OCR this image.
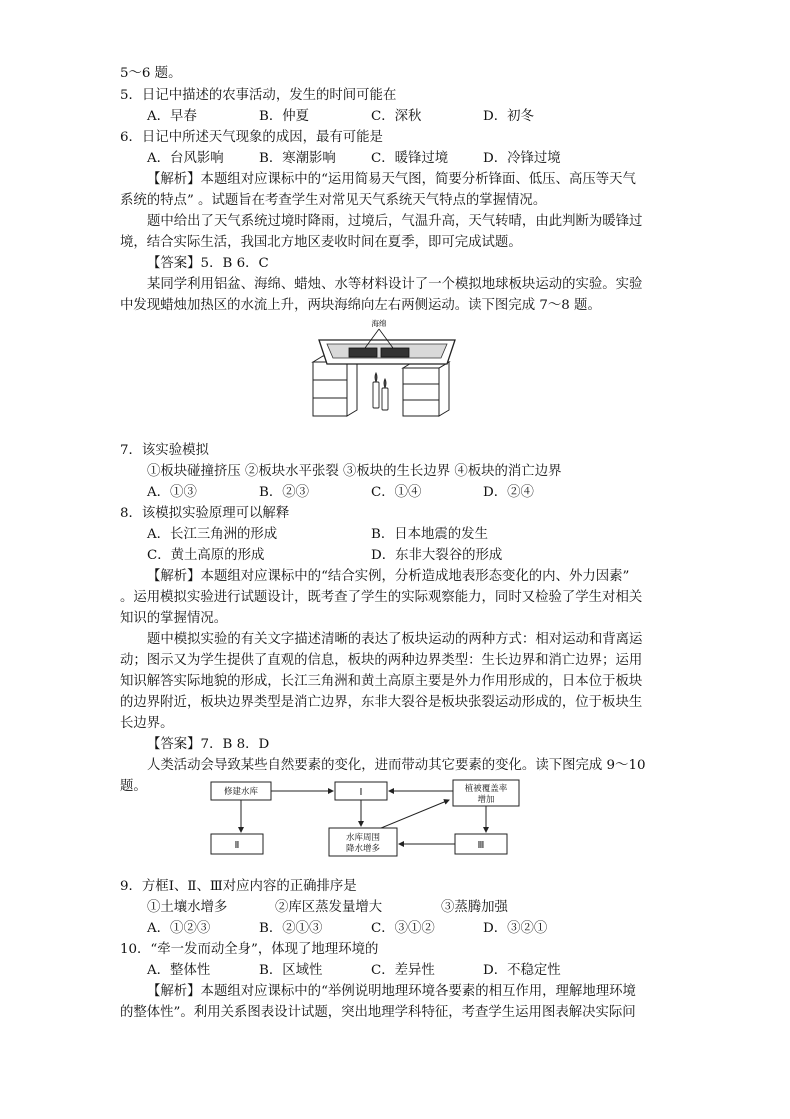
5～6 题。
5．日记中描述的农事活动，发生的时间可能在
A．早春	B．仲夏	C．深秋	D．初冬
6．日记中所述天气现象的成因，最有可能是
A．台风影响	B．寒潮影响	C．暖锋过境	D．冷锋过境
【解析】本题组对应课标中的“运用简易天气图，简要分析锋面、低压、高压等天气
系统的特点” 。试题旨在考查学生对常见天气系统天气特点的掌握情况。
题中给出了天气系统过境时降雨，过境后，气温升高，天气转晴，由此判断为暖锋过
境，结合实际生活，我国北方地区麦收时间在夏季，即可完成试题。
【答案】5．B 6．C
某同学利用铝盆、海绵、蜡烛、水等材料设计了一个模拟地球板块运动的实验。实验
中发现蜡烛加热区的水流上升，两块海绵向左右两侧运动。读下图完成 7～8 题。
海绵
7．该实验模拟
①板块碰撞挤压 ②板块水平张裂 ③板块的生长边界 ④板块的消亡边界
A．①③	B．②③	C．①④	D．②④
8．该模拟实验原理可以解释
A．长江三角洲的形成	B．日本地震的发生
C．黄土高原的形成	D．东非大裂谷的形成
【解析】本题组对应课标中的“结合实例，分析造成地表形态变化的内、外力因素”
。运用模拟实验进行试题设计，既考查了学生的实际观察能力，同时又检验了学生对相关
知识的掌握情况。
题中模拟实验的有关文字描述清晰的表达了板块运动的两种方式：相对运动和背离运
动；图示又为学生提供了直观的信息，板块的两种边界类型：生长边界和消亡边界；运用
知识解答实际地貌的形成，长江三角洲和黄土高原主要是外力作用形成的，日本位于板块
的边界附近，板块边界类型是消亡边界，东非大裂谷是板块张裂运动形成的，位于板块生
长边界。
【答案】7．B 8．D
人类活动会导致某些自然要素的变化，进而带动其它要素的变化。读下图完成 9～10
题。	修建水库	Ⅰ	植被覆盖率
增加
Ⅱ
水库周围
降水增多	Ⅲ
9．方框Ⅰ、Ⅱ、Ⅲ对应内容的正确排序是
①土壤水增多	②库区蒸发量增大	③蒸腾加强
A．①②③	B．②①③	C．③①②	D．③②①
10．“牵一发而动全身”，体现了地理环境的
A．整体性	B．区域性	C．差异性	D．不稳定性
【解析】本题组对应课标中的“举例说明地理环境各要素的相互作用，理解地理环境
的整体性”。利用关系图表设计试题，突出地理学科特征，考查学生运用图表解决实际问
